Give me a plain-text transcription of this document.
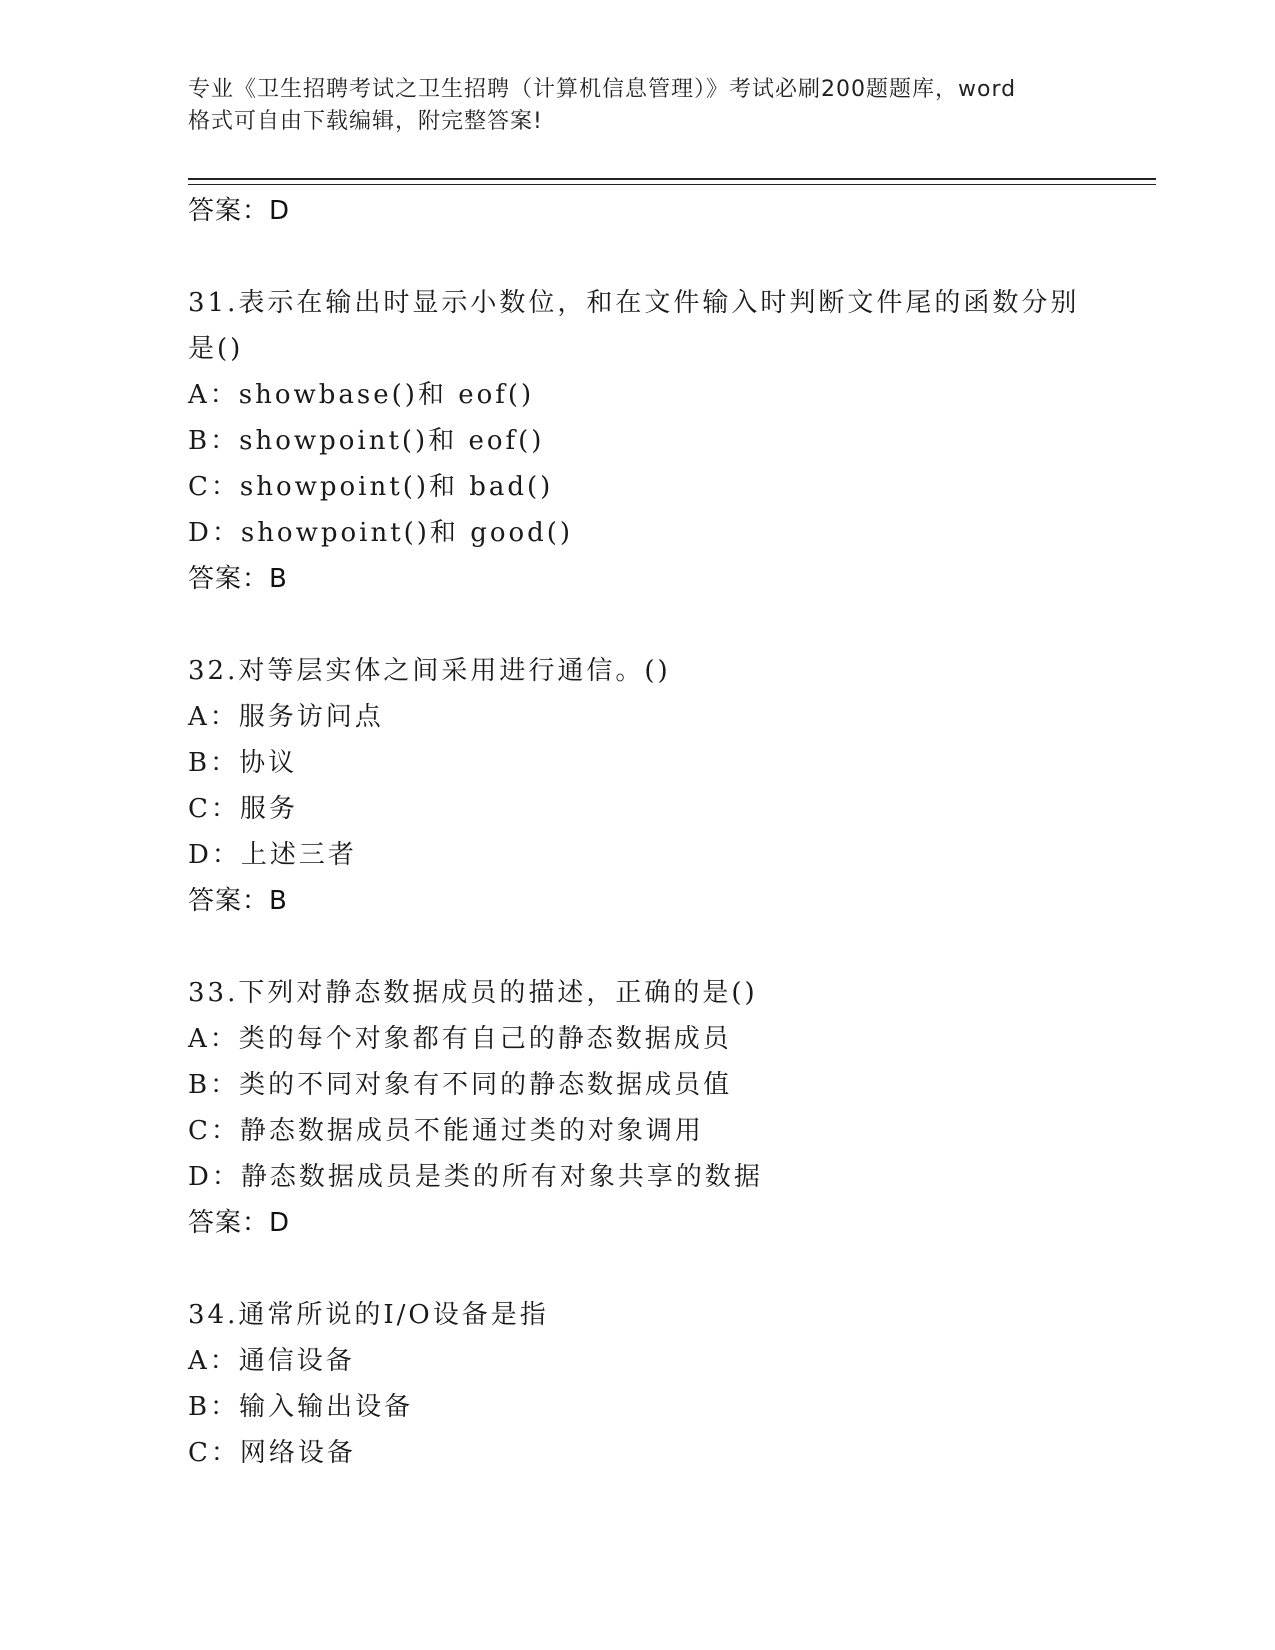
专业《卫生招聘考试之卫生招聘（计算机信息管理）》考试必刷200题题库，word
格式可自由下载编辑，附完整答案!

答案：D

31.表示在输出时显示小数位，和在文件输入时判断文件尾的函数分别是()

A：showbase()和 eof()

B：showpoint()和 eof()

C：showpoint()和 bad()

D：showpoint()和 good()

答案：B

32.对等层实体之间采用进行通信。()

A：服务访问点

B：协议

C：服务

D：上述三者

答案：B

33.下列对静态数据成员的描述，正确的是()

A：类的每个对象都有自己的静态数据成员

B：类的不同对象有不同的静态数据成员值

C：静态数据成员不能通过类的对象调用

D：静态数据成员是类的所有对象共享的数据

答案：D

34.通常所说的I/O设备是指

A：通信设备

B：输入输出设备

C：网络设备
